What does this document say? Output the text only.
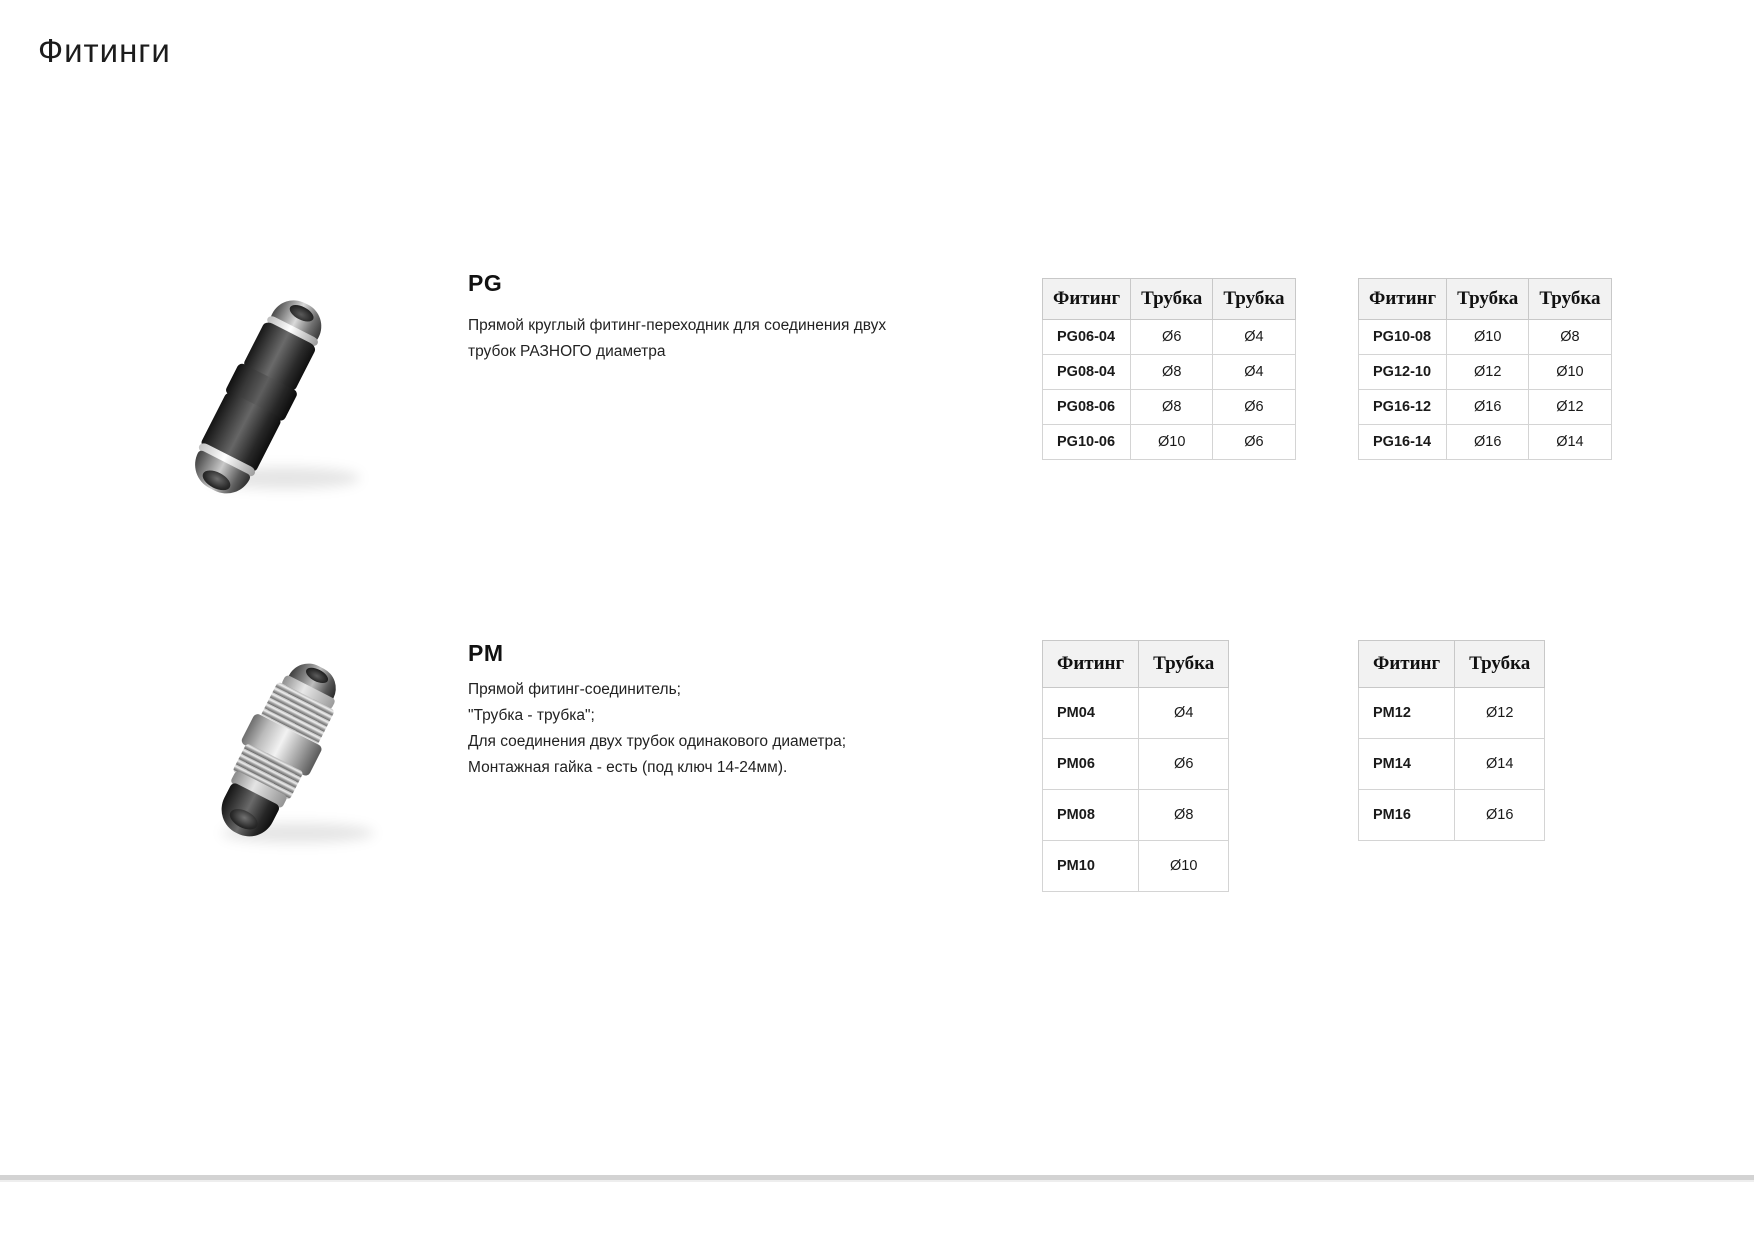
Фитинги
PG
Прямой круглый фитинг-переходник для соединения двух
трубок РАЗНОГО диаметра
Фитинг	Трубка	Трубка
PG06-04	Ø6	Ø4
PG08-04	Ø8	Ø4
PG08-06	Ø8	Ø6
PG10-06	Ø10	Ø6
Фитинг	Трубка	Трубка
PG10-08	Ø10	Ø8
PG12-10	Ø12	Ø10
PG16-12	Ø16	Ø12
PG16-14	Ø16	Ø14
PM
Прямой фитинг-соединитель;
"Трубка - трубка";
Для соединения двух трубок одинакового диаметра;
Монтажная гайка - есть (под ключ 14-24мм).
Фитинг	Трубка
PM04	Ø4
PM06	Ø6
PM08	Ø8
PM10	Ø10
Фитинг	Трубка
PM12	Ø12
PM14	Ø14
PM16	Ø16
